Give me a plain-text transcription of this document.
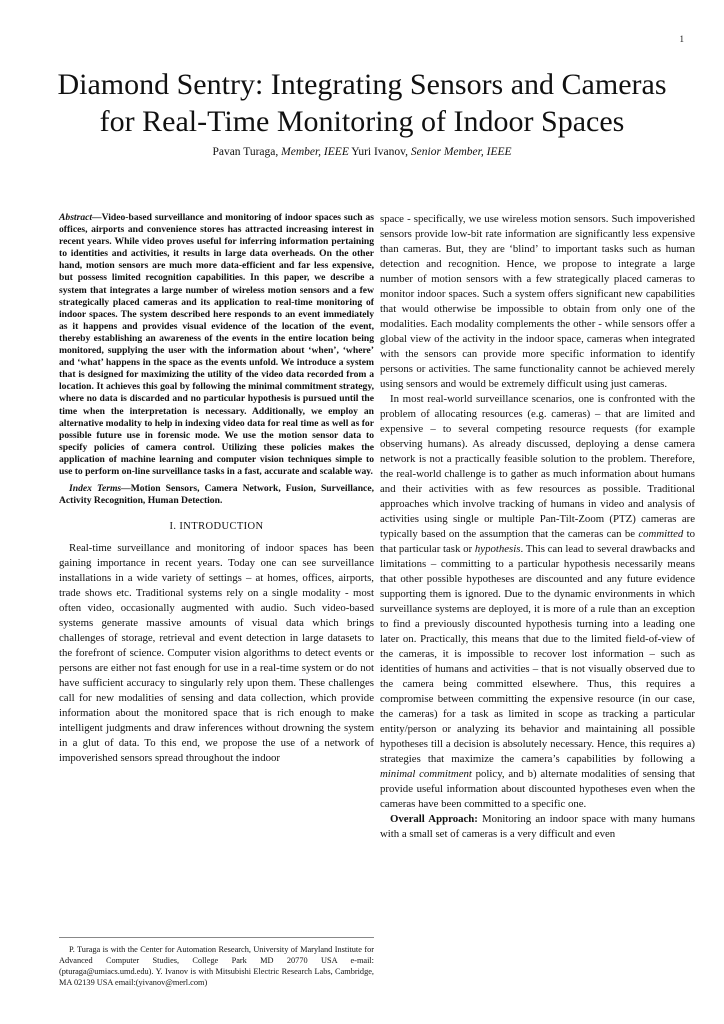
1
Diamond Sentry: Integrating Sensors and Cameras
for Real-Time Monitoring of Indoor Spaces

Pavan Turaga, Member, IEEE Yuri Ivanov, Senior Member, IEEE

Abstract—Video-based surveillance and monitoring of indoor spaces such as offices, airports and convenience stores has attracted increasing interest in recent years. While video proves useful for inferring information pertaining to identities and activities, it results in large data overheads. On the other hand, motion sensors are much more data-efficient and far less expensive, but possess limited recognition capabilities. In this paper, we describe a system that integrates a large number of wireless motion sensors and a few strategically placed cameras and its application to real-time monitoring of indoor spaces. The system described here responds to an event immediately as it happens and provides visual evidence of the location of the event, thereby establishing an awareness of the events in the entire location being monitored, supplying the user with the information about ‘when’, ‘where’ and ‘what’ happens in the space as the events unfold. We introduce a system that is designed for maximizing the utility of the video data recorded from a location. It achieves this goal by following the minimal commitment strategy, where no data is discarded and no particular hypothesis is pursued until the time when the interpretation is necessary. Additionally, we employ an alternative modality to help in indexing video data for real time as well as for possible future use in forensic mode. We use the motion sensor data to specify policies of camera control. Utilizing these policies makes the application of machine learning and computer vision techniques simple to use to perform on-line surveillance tasks in a fast, accurate and scalable way.

Index Terms—Motion Sensors, Camera Network, Fusion, Surveillance, Activity Recognition, Human Detection.

I. INTRODUCTION

Real-time surveillance and monitoring of indoor spaces has been gaining importance in recent years. Today one can see surveillance installations in a wide variety of settings – at homes, offices, airports, trade shows etc. Traditional systems rely on a single modality - most often video, occasionally augmented with audio. Such video-based systems generate massive amounts of visual data which brings challenges of storage, retrieval and event detection in large datasets to the forefront of science. Computer vision algorithms to detect events or persons are either not fast enough for use in a real-time system or do not have sufficient accuracy to singularly rely upon them. These challenges call for new modalities of sensing and data collection, which provide information about the monitored space that is rich enough to make intelligent judgments and draw inferences without drowning the system in a glut of data. To this end, we propose the use of a network of impoverished sensors spread throughout the indoor

P. Turaga is with the Center for Automation Research, University of Maryland Institute for Advanced Computer Studies, College Park MD 20770 USA e-mail: (pturaga@umiacs.umd.edu). Y. Ivanov is with Mitsubishi Electric Research Labs, Cambridge, MA 02139 USA email:(yivanov@merl.com)

space - specifically, we use wireless motion sensors. Such impoverished sensors provide low-bit rate information are significantly less expensive than cameras. But, they are ‘blind’ to important tasks such as human detection and recognition. Hence, we propose to integrate a large number of motion sensors with a few strategically placed cameras to monitor indoor spaces. Such a system offers significant new capabilities that would otherwise be impossible to obtain from only one of the modalities. Each modality complements the other - while sensors offer a global view of the activity in the indoor space, cameras when integrated with the sensors can provide more specific information to identify persons or activities. The same functionality cannot be achieved merely using sensors and would be extremely difficult using just cameras.

In most real-world surveillance scenarios, one is confronted with the problem of allocating resources (e.g. cameras) – that are limited and expensive – to several competing resource requests (for example observing humans). As already discussed, deploying a dense camera network is not a practically feasible solution to the problem. Therefore, the real-world challenge is to gather as much information about humans and their activities with as few resources as possible. Traditional approaches which involve tracking of humans in video and analysis of activities using single or multiple Pan-Tilt-Zoom (PTZ) cameras are typically based on the assumption that the cameras can be committed to that particular task or hypothesis. This can lead to several drawbacks and limitations – committing to a particular hypothesis necessarily means that other possible hypotheses are discounted and any future evidence supporting them is ignored. Due to the dynamic environments in which surveillance systems are deployed, it is more of a rule than an exception to find a previously discounted hypothesis turning into a leading one later on. Practically, this means that due to the limited field-of-view of the cameras, it is impossible to recover lost information – such as identities of humans and activities – that is not visually observed due to the camera being committed elsewhere. Thus, this requires a compromise between committing the expensive resource (in our case, the cameras) for a task as limited in scope as tracking a particular entity/person or analyzing its behavior and maintaining all possible hypotheses till a decision is absolutely necessary. Hence, this requires a) strategies that maximize the camera’s capabilities by following a minimal commitment policy, and b) alternate modalities of sensing that provide useful information about discounted hypotheses even when the cameras have been committed to a specific one.

Overall Approach: Monitoring an indoor space with many humans with a small set of cameras is a very difficult and even
